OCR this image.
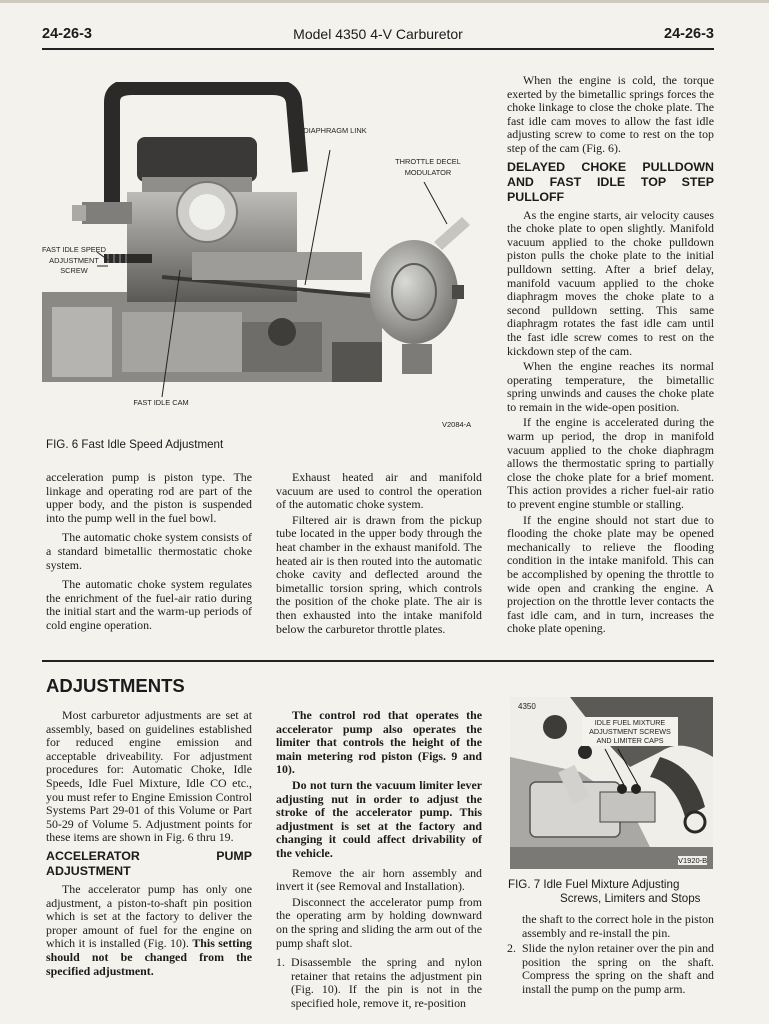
24-26-3	Model 4350 4-V Carburetor	24-26-3
DIAPHRAGM LINK
THROTTLE DECEL MODULATOR
FAST IDLE SPEED ADJUSTMENT SCREW
FAST IDLE CAM
V2084-A
FIG. 6 Fast Idle Speed Adjustment

acceleration pump is piston type. The linkage and operating rod are part of the upper body, and the piston is suspended into the pump well in the fuel bowl.

The automatic choke system consists of a standard bimetallic thermostatic choke system.

The automatic choke system regulates the enrichment of the fuel-air ratio during the initial start and the warm-up periods of cold engine operation.

Exhaust heated air and manifold vacuum are used to control the operation of the automatic choke system.

Filtered air is drawn from the pickup tube located in the upper body through the heat chamber in the exhaust manifold. The heated air is then routed into the automatic choke cavity and deflected around the bimetallic torsion spring, which controls the position of the choke plate. The air is then exhausted into the intake manifold below the carburetor throttle plates.

When the engine is cold, the torque exerted by the bimetallic springs forces the choke linkage to close the choke plate. The fast idle cam moves to allow the fast idle adjusting screw to come to rest on the top step of the cam (Fig. 6).

DELAYED CHOKE PULLDOWN AND FAST IDLE TOP STEP PULLOFF

As the engine starts, air velocity causes the choke plate to open slightly. Manifold vacuum applied to the choke pulldown piston pulls the choke plate to the initial pulldown setting. After a brief delay, manifold vacuum applied to the choke diaphragm moves the choke plate to a second pulldown setting. This same diaphragm rotates the fast idle cam until the fast idle screw comes to rest on the kickdown step of the cam.

When the engine reaches its normal operating temperature, the bimetallic spring unwinds and causes the choke plate to remain in the wide-open position.

If the engine is accelerated during the warm up period, the drop in manifold vacuum applied to the choke diaphragm allows the thermostatic spring to partially close the choke plate for a brief moment. This action provides a richer fuel-air ratio to prevent engine stumble or stalling.

If the engine should not start due to flooding the choke plate may be opened mechanically to relieve the flooding condition in the intake manifold. This can be accomplished by opening the throttle to wide open and cranking the engine. A projection on the throttle lever contacts the fast idle cam, and in turn, increases the choke plate opening.

ADJUSTMENTS

Most carburetor adjustments are set at assembly, based on guidelines established for reduced engine emission and acceptable driveability. For adjustment procedures for: Automatic Choke, Idle Speeds, Idle Fuel Mixture, Idle CO etc., you must refer to Engine Emission Control Systems Part 29-01 of this Volume or Part 50-29 of Volume 5. Adjustment points for these items are shown in Fig. 6 thru 19.

ACCELERATOR PUMP ADJUSTMENT

The accelerator pump has only one adjustment, a piston-to-shaft pin position which is set at the factory to deliver the proper amount of fuel for the engine on which it is installed (Fig. 10). This setting should not be changed from the specified adjustment.

The control rod that operates the accelerator pump also operates the limiter that controls the height of the main metering rod piston (Figs. 9 and 10).

Do not turn the vacuum limiter lever adjusting nut in order to adjust the stroke of the accelerator pump. This adjustment is set at the factory and changing it could affect drivability of the vehicle.

Remove the air horn assembly and invert it (see Removal and Installation).

Disconnect the accelerator pump from the operating arm by holding downward on the spring and sliding the arm out of the pump shaft slot.

1. Disassemble the spring and nylon retainer that retains the adjustment pin (Fig. 10). If the pin is not in the specified hole, remove it, re-position
4350
IDLE FUEL MIXTURE ADJUSTMENT SCREWS AND LIMITER CAPS
V1920-B
FIG. 7 Idle Fuel Mixture Adjusting
Screws, Limiters and Stops

the shaft to the correct hole in the piston assembly and re-install the pin.

2. Slide the nylon retainer over the pin and position the spring on the shaft. Compress the spring on the shaft and install the pump on the pump arm.
